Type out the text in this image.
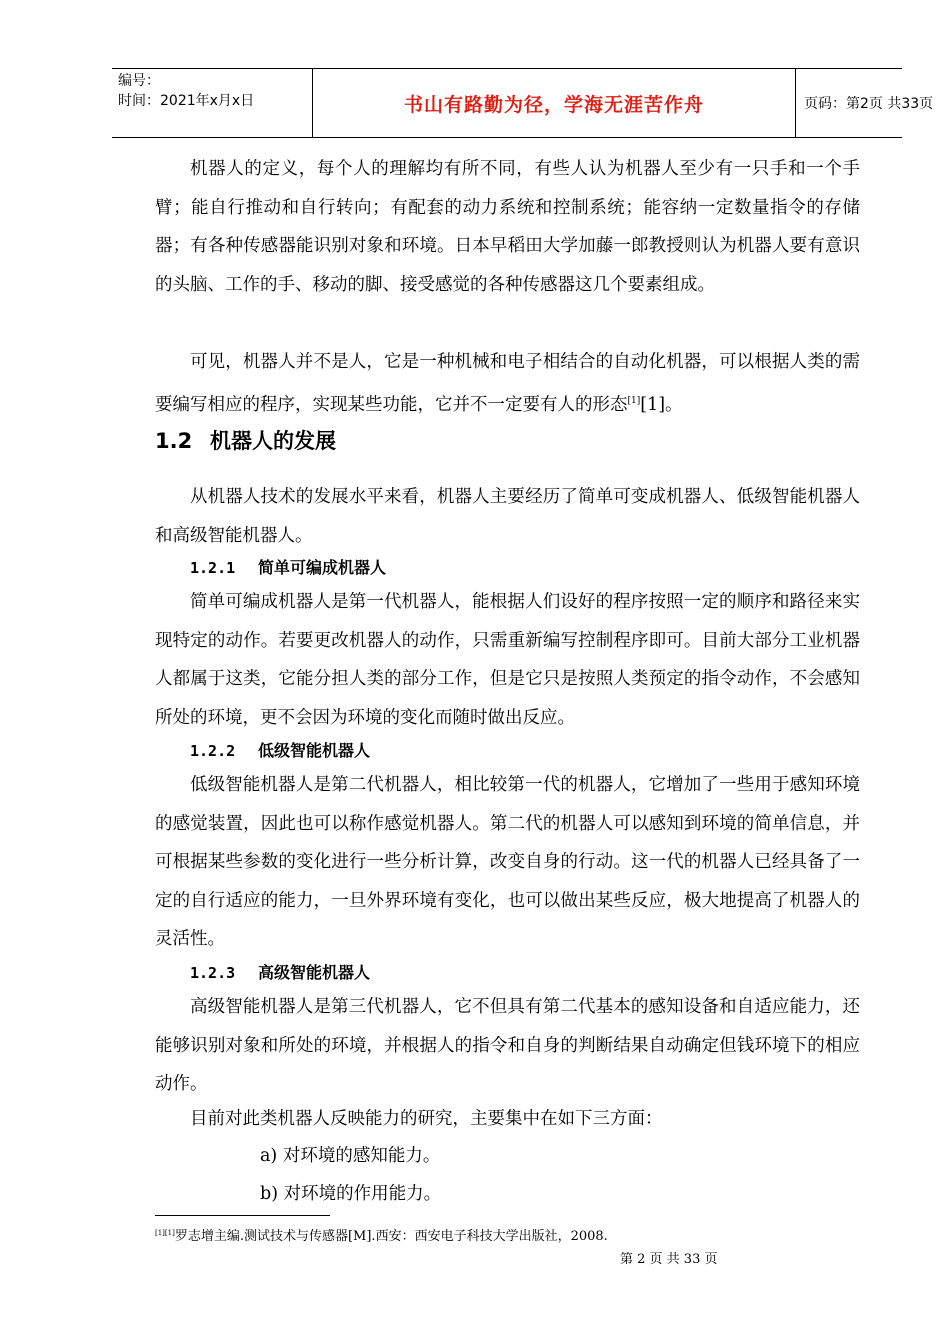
编号：
时间：2021年x月x日	书山有路勤为径，学海无涯苦作舟	页码：第2页 共33页

机器人的定义，每个人的理解均有所不同，有些人认为机器人至少有一只手和一个手臂；能自行推动和自行转向；有配套的动力系统和控制系统；能容纳一定数量指令的存储器；有各种传感器能识别对象和环境。日本早稻田大学加藤一郎教授则认为机器人要有意识的头脑、工作的手、移动的脚、接受感觉的各种传感器这几个要素组成。

可见，机器人并不是人，它是一种机械和电子相结合的自动化机器，可以根据人类的需要编写相应的程序，实现某些功能，它并不一定要有人的形态[1][1]。

1.2 机器人的发展

从机器人技术的发展水平来看，机器人主要经历了简单可变成机器人、低级智能机器人和高级智能机器人。

1.2.1 简单可编成机器人

简单可编成机器人是第一代机器人，能根据人们设好的程序按照一定的顺序和路径来实现特定的动作。若要更改机器人的动作，只需重新编写控制程序即可。目前大部分工业机器人都属于这类，它能分担人类的部分工作，但是它只是按照人类预定的指令动作，不会感知所处的环境，更不会因为环境的变化而随时做出反应。

1.2.2 低级智能机器人

低级智能机器人是第二代机器人，相比较第一代的机器人，它增加了一些用于感知环境的感觉装置，因此也可以称作感觉机器人。第二代的机器人可以感知到环境的简单信息，并可根据某些参数的变化进行一些分析计算，改变自身的行动。这一代的机器人已经具备了一定的自行适应的能力，一旦外界环境有变化，也可以做出某些反应，极大地提高了机器人的灵活性。

1.2.3 高级智能机器人

高级智能机器人是第三代机器人，它不但具有第二代基本的感知设备和自适应能力，还能够识别对象和所处的环境，并根据人的指令和自身的判断结果自动确定但钱环境下的相应动作。

目前对此类机器人反映能力的研究，主要集中在如下三方面：

a) 对环境的感知能力。

b) 对环境的作用能力。

[1][1]罗志增主编.测试技术与传感器[M].西安：西安电子科技大学出版社，2008.
第 2 页 共 33 页
